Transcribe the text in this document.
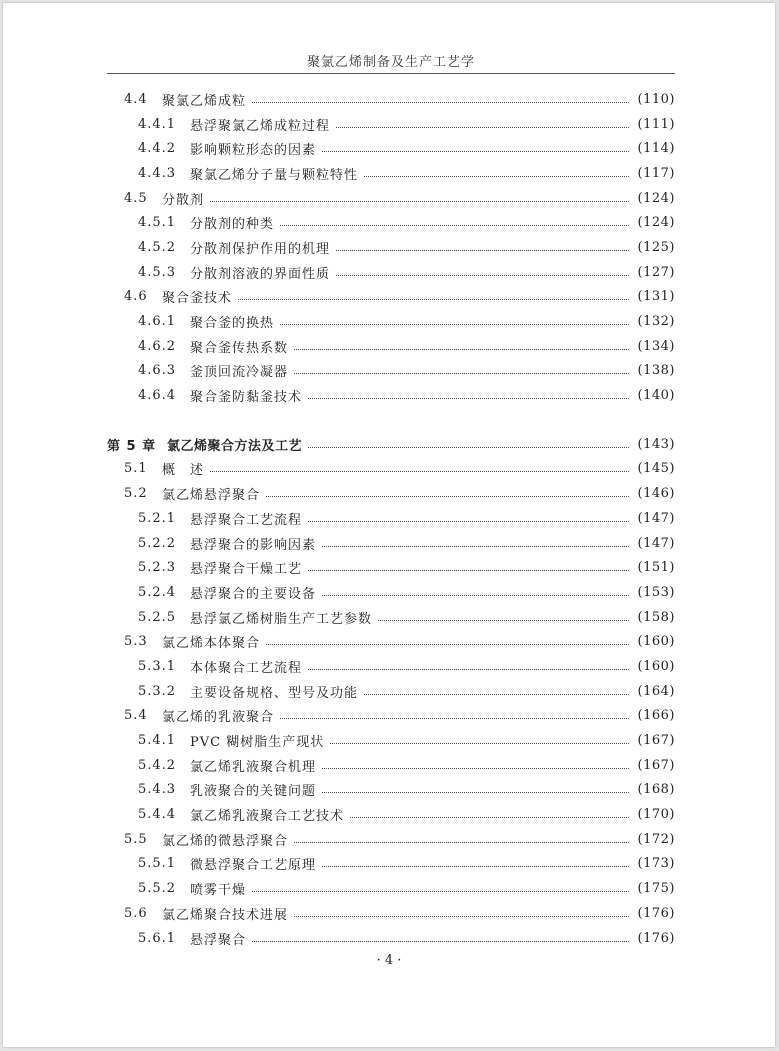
聚氯乙烯制备及生产工艺学
4.4	聚氯乙烯成粒	(110)
4.4.1	悬浮聚氯乙烯成粒过程	(111)
4.4.2	影响颗粒形态的因素	(114)
4.4.3	聚氯乙烯分子量与颗粒特性	(117)
4.5	分散剂	(124)
4.5.1	分散剂的种类	(124)
4.5.2	分散剂保护作用的机理	(125)
4.5.3	分散剂溶液的界面性质	(127)
4.6	聚合釜技术	(131)
4.6.1	聚合釜的换热	(132)
4.6.2	聚合釜传热系数	(134)
4.6.3	釜顶回流冷凝器	(138)
4.6.4	聚合釜防黏釜技术	(140)
第 5 章 氯乙烯聚合方法及工艺	(143)
5.1	概　述	(145)
5.2	氯乙烯悬浮聚合	(146)
5.2.1	悬浮聚合工艺流程	(147)
5.2.2	悬浮聚合的影响因素	(147)
5.2.3	悬浮聚合干燥工艺	(151)
5.2.4	悬浮聚合的主要设备	(153)
5.2.5	悬浮氯乙烯树脂生产工艺参数	(158)
5.3	氯乙烯本体聚合	(160)
5.3.1	本体聚合工艺流程	(160)
5.3.2	主要设备规格、型号及功能	(164)
5.4	氯乙烯的乳液聚合	(166)
5.4.1	PVC 糊树脂生产现状	(167)
5.4.2	氯乙烯乳液聚合机理	(167)
5.4.3	乳液聚合的关键问题	(168)
5.4.4	氯乙烯乳液聚合工艺技术	(170)
5.5	氯乙烯的微悬浮聚合	(172)
5.5.1	微悬浮聚合工艺原理	(173)
5.5.2	喷雾干燥	(175)
5.6	氯乙烯聚合技术进展	(176)
5.6.1	悬浮聚合	(176)
· 4 ·
